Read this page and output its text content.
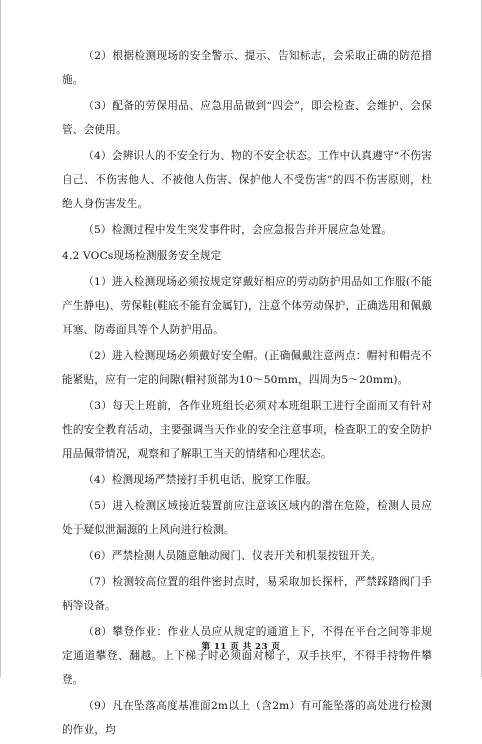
（2）根据检测现场的安全警示、提示、告知标志，会采取正确的防范措施。

（3）配备的劳保用品、应急用品做到“四会”，即会检查、会维护、会保管、会使用。

（4）会辨识人的不安全行为、物的不安全状态。工作中认真遵守“不伤害自己、不伤害他人、不被他人伤害、保护他人不受伤害”的四不伤害原则，杜绝人身伤害发生。

（5）检测过程中发生突发事件时，会应急报告并开展应急处置。

4.2 VOCs现场检测服务安全规定

（1）进入检测现场必须按规定穿戴好相应的劳动防护用品如工作服(不能产生静电)、劳保鞋(鞋底不能有金属钉)，注意个体劳动保护，正确选用和佩戴耳塞、防毒面具等个人防护用品。

（2）进入检测现场必须戴好安全帽。(正确佩戴注意两点：帽衬和帽壳不能紧贴，应有一定的间隙(帽衬顶部为10～50mm，四周为5～20mm)。

（3）每天上班前，各作业班组长必须对本班组职工进行全面而又有针对性的安全教育活动，主要强调当天作业的安全注意事项，检查职工的安全防护用品佩带情况，观察和了解职工当天的情绪和心理状态。

（4）检测现场严禁接打手机电话、脱穿工作服。

（5）进入检测区域接近装置前应注意该区域内的潜在危险，检测人员应处于疑似泄漏源的上风向进行检测。

（6）严禁检测人员随意触动阀门、仪表开关和机泵按钮开关。

（7）检测较高位置的组件密封点时，易采取加长探杆，严禁踩踏阀门手柄等设备。

（8）攀登作业：作业人员应从规定的通道上下，不得在平台之间等非规定通道攀登、翻越。上下梯子时必须面对梯子，双手扶牢，不得手持物件攀登。

（9）凡在坠落高度基准面2m以上（含2m）有可能坠落的高处进行检测的作业，均

第 11 页 共 23 页
